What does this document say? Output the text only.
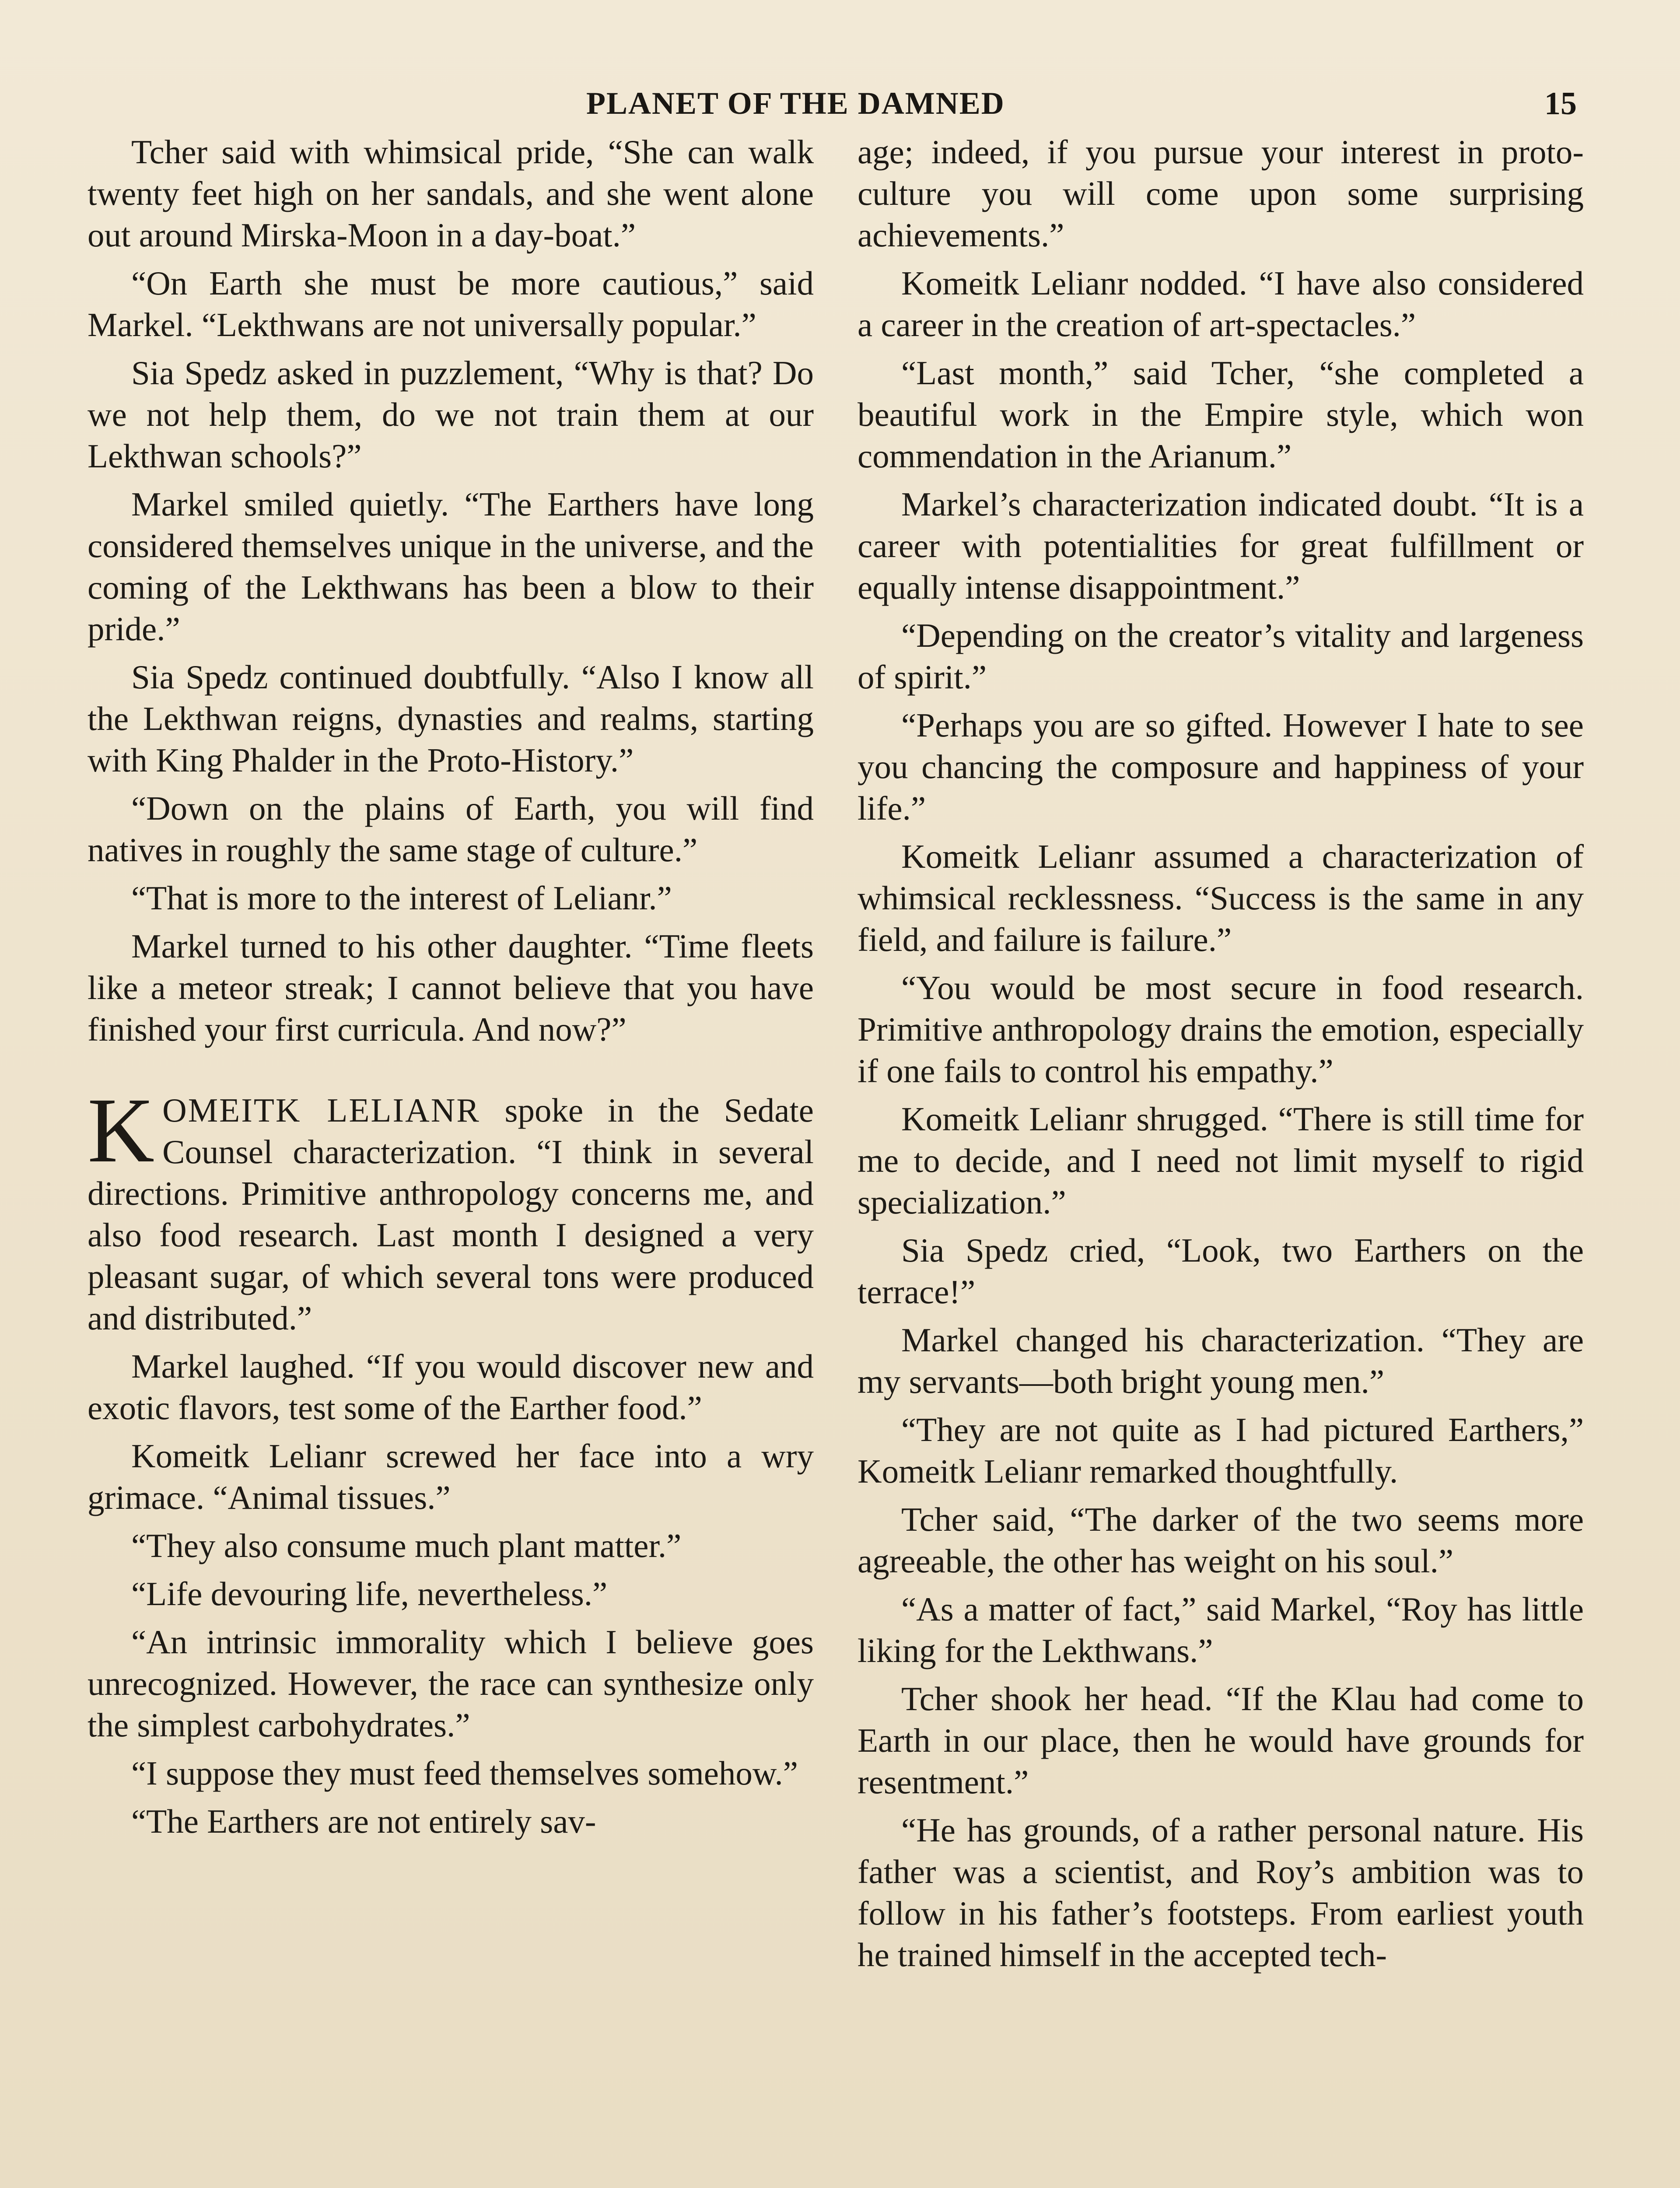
PLANET OF THE DAMNED	15

Tcher said with whimsical pride, “She can walk twenty feet high on her sandals, and she went alone out around Mirska-Moon in a day-boat.”

“On Earth she must be more cautious,” said Markel. “Lekthwans are not universally popular.”

Sia Spedz asked in puzzlement, “Why is that? Do we not help them, do we not train them at our Lekthwan schools?”

Markel smiled quietly. “The Earthers have long considered themselves unique in the universe, and the coming of the Lekthwans has been a blow to their pride.”

Sia Spedz continued doubtfully. “Also I know all the Lekthwan reigns, dynasties and realms, starting with King Phalder in the Proto-History.”

“Down on the plains of Earth, you will find natives in roughly the same stage of culture.”

“That is more to the interest of Lelianr.”

Markel turned to his other daughter. “Time fleets like a meteor streak; I cannot believe that you have finished your first curricula. And now?”

KOMEITK LELIANR spoke in the Sedate Counsel characterization. “I think in several directions. Primitive anthropology concerns me, and also food research. Last month I designed a very pleasant sugar, of which several tons were produced and distributed.”

Markel laughed. “If you would discover new and exotic flavors, test some of the Earther food.”

Komeitk Lelianr screwed her face into a wry grimace. “Animal tissues.”

“They also consume much plant matter.”

“Life devouring life, nevertheless.”

“An intrinsic immorality which I believe goes unrecognized. However, the race can synthesize only the simplest carbohydrates.”

“I suppose they must feed themselves somehow.”

“The Earthers are not entirely sav-

age; indeed, if you pursue your interest in proto-culture you will come upon some surprising achievements.”

Komeitk Lelianr nodded. “I have also considered a career in the creation of art-spectacles.”

“Last month,” said Tcher, “she completed a beautiful work in the Empire style, which won commendation in the Arianum.”

Markel’s characterization indicated doubt. “It is a career with potentialities for great fulfillment or equally intense disappointment.”

“Depending on the creator’s vitality and largeness of spirit.”

“Perhaps you are so gifted. However I hate to see you chancing the composure and happiness of your life.”

Komeitk Lelianr assumed a characterization of whimsical recklessness. “Success is the same in any field, and failure is failure.”

“You would be most secure in food research. Primitive anthropology drains the emotion, especially if one fails to control his empathy.”

Komeitk Lelianr shrugged. “There is still time for me to decide, and I need not limit myself to rigid specialization.”

Sia Spedz cried, “Look, two Earthers on the terrace!”

Markel changed his characterization. “They are my servants—both bright young men.”

“They are not quite as I had pictured Earthers,” Komeitk Lelianr remarked thoughtfully.

Tcher said, “The darker of the two seems more agreeable, the other has weight on his soul.”

“As a matter of fact,” said Markel, “Roy has little liking for the Lekthwans.”

Tcher shook her head. “If the Klau had come to Earth in our place, then he would have grounds for resentment.”

“He has grounds, of a rather personal nature. His father was a scientist, and Roy’s ambition was to follow in his father’s footsteps. From earliest youth he trained himself in the accepted tech-
